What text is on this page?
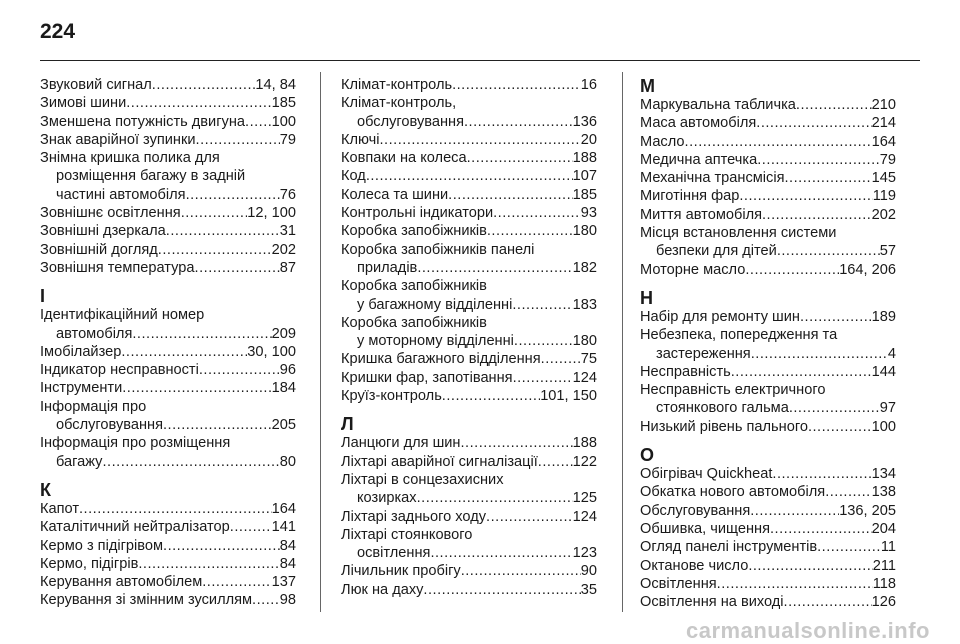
224
Звуковий сигнал .....	14, 84
Зимові шини .....	185
Зменшена потужність двигуна ..... 100
Знак аварійної зупинки .....	79
Знімна кришка полика для
розміщення багажу в задній
частині автомобіля .....	76
Зовнішнє освітлення .....	12, 100
Зовнішні дзеркала .....	31
Зовнішній догляд .....	202
Зовнішня температура .....	87
І
Ідентифікаційний номер
автомобіля .....	209
Імобілайзер .....	30, 100
Індикатор несправності .....	96
Інструменти .....	184
Інформація про
обслуговування .....	205
Інформація про розміщення
багажу .....	80
К
Капот .....	164
Каталітичний нейтралізатор .....	141
Кермо з підігрівом .....	84
Кермо, підігрів .....	84
Керування автомобілем .....	137
Керування зі змінним зусиллям ..... 98
Клімат-контроль .....	16
Клімат-контроль,
обслуговування .....	136
Ключі .....	20
Ковпаки на колеса .....	188
Код .....	107
Колеса та шини .....	185
Контрольні індикатори .....	93
Коробка запобіжників .....	180
Коробка запобіжників панелі
приладів .....	182
Коробка запобіжників
у багажному відділенні .....	183
Коробка запобіжників
у моторному відділенні .....	180
Кришка багажного відділення .....	75
Кришки фар, запотівання .....	124
Круїз-контроль .....	101, 150
Л
Ланцюги для шин .....	188
Ліхтарі аварійної сигналізації ..... 122
Ліхтарі в сонцезахисних
козирках .....	125
Ліхтарі заднього ходу .....	124
Ліхтарі стоянкового
освітлення .....	123
Лічильник пробігу .....	90
Люк на даху .....	35
М
Маркувальна табличка .....	210
Маса автомобіля .....	214
Масло .....	164
Медична аптечка .....	79
Механічна трансмісія .....	145
Миготіння фар .....	119
Миття автомобіля .....	202
Місця встановлення системи
безпеки для дітей .....	57
Моторне масло .....	164, 206
Н
Набір для ремонту шин .....	189
Небезпека, попередження та
застереження .....	4
Несправність .....	144
Несправність електричного
стоянкового гальма .....	97
Низький рівень пального .....	100
О
Обігрівач Quickheat .....	134
Обкатка нового автомобіля .....	138
Обслуговування .....	136, 205
Обшивка, чищення .....	204
Огляд панелі інструментів .....	11
Октанове число .....	211
Освітлення .....	118
Освітлення на виході .....	126
carmanualsonline.info
